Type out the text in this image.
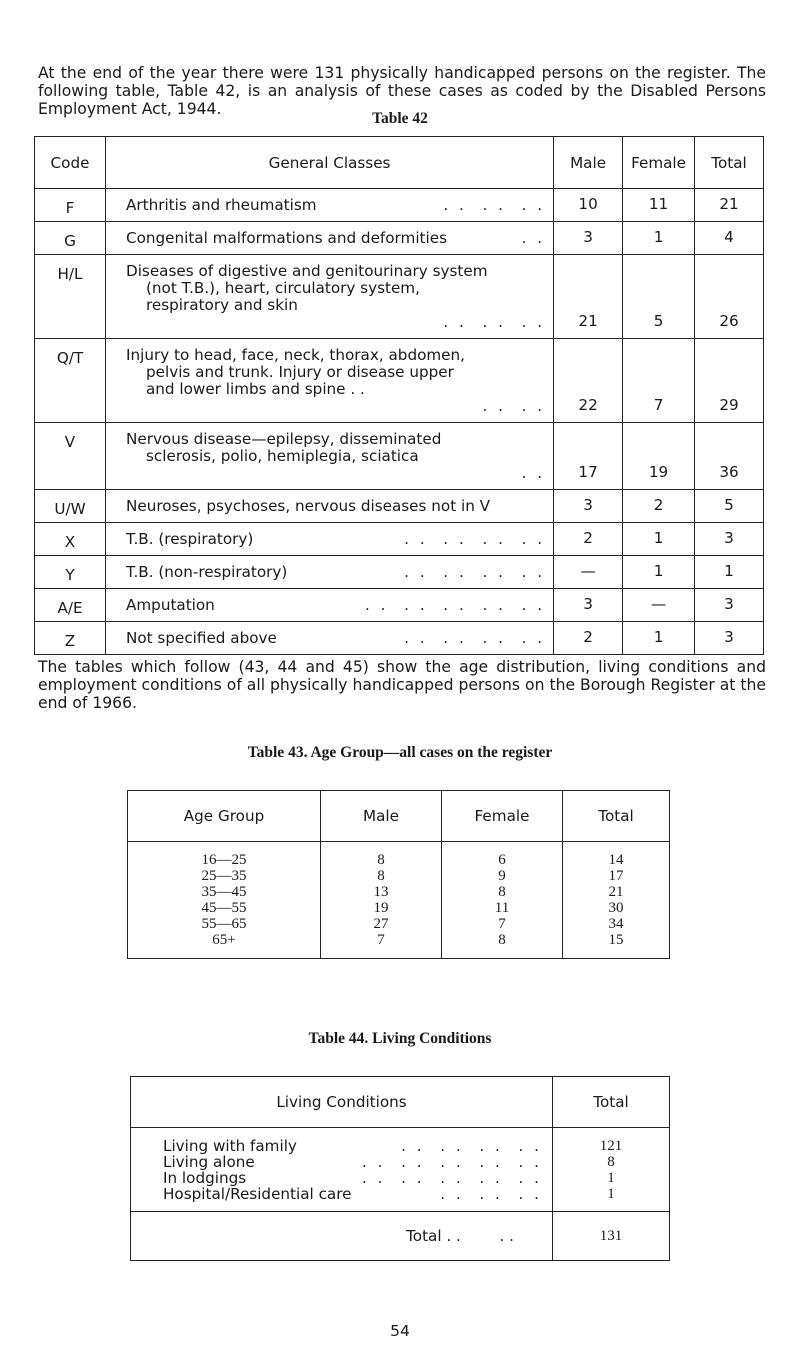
At the end of the year there were 131 physically handicapped persons on the register. The following table, Table 42, is an analysis of these cases as coded by the Disabled Persons Employment Act, 1944.

Table 42
Code	General Classes	Male	Female	Total
F	Arthritis and rheumatism . .  . .  . .	10	11	21
G	Congenital malformations and deformities . .	3	1	4
H/L	Diseases of digestive and genitourinary system
(not T.B.), heart, circulatory system,
respiratory and skin
. .  . .  . .	21	5	26
Q/T	Injury to head, face, neck, thorax, abdomen,
pelvis and trunk. Injury or disease upper
and lower limbs and spine . .
. .  . .	22	7	29
V	Nervous disease—epilepsy, disseminated
sclerosis, polio, hemiplegia, sciatica
. .	17	19	36
U/W	Neuroses, psychoses, nervous diseases not in V	3	2	5
X	T.B. (respiratory) . .  . .  . .  . .	2	1	3
Y	T.B. (non-respiratory) . .  . .  . .  . .	—	1	1
A/E	Amputation . .  . .  . .  . .  . .	3	—	3
Z	Not specified above . .  . .  . .  . .	2	1	3

The tables which follow (43, 44 and 45) show the age distribution, living conditions and employment conditions of all physically handicapped persons on the Borough Register at the end of 1966.

Table 43. Age Group—all cases on the register
Age Group	Male	Female	Total
16—25	8	6	14
25—35	8	9	17
35—45	13	8	21
45—55	19	11	30
55—65	27	7	34
65+	7	8	15
Table 44. Living Conditions
Living Conditions	Total
Living with family . .  . .  . .  . .	121
Living alone . .  . .  . .  . .  . .	8
In lodgings . .  . .  . .  . .  . .	1
Hospital/Residential care . .  . .  . .	1
Total . .        . .	131
54
